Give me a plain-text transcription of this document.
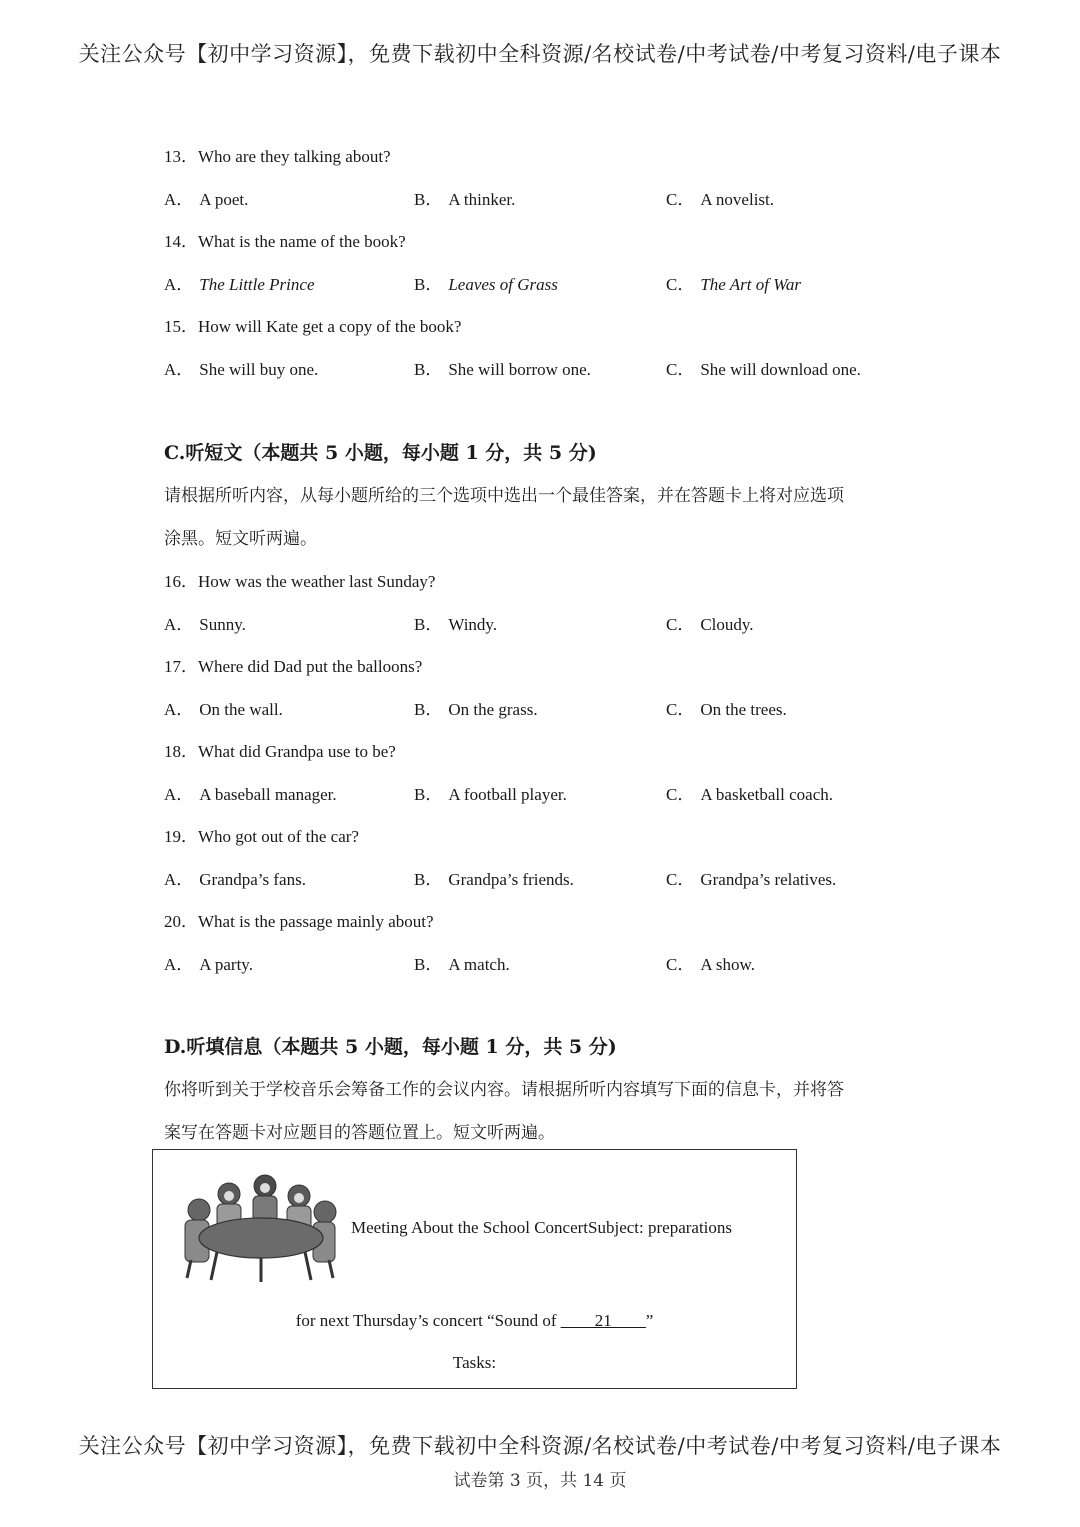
关注公众号【初中学习资源】，免费下载初中全科资源/名校试卷/中考试卷/中考复习资料/电子课本
13．Who are they talking about?
A． A poet.	B． A thinker.	C． A novelist.
14．What is the name of the book?
A． The Little Prince	B． Leaves of Grass	C． The Art of War
15．How will Kate get a copy of the book?
A． She will buy one.	B． She will borrow one.	C． She will download one.
C.听短文（本题共 5 小题，每小题 1 分，共 5 分)
请根据所听内容，从每小题所给的三个选项中选出一个最佳答案，并在答题卡上将对应选项
涂黑。短文听两遍。
16．How was the weather last Sunday?
A． Sunny.	B． Windy.	C． Cloudy.
17．Where did Dad put the balloons?
A． On the wall.	B． On the grass.	C． On the trees.
18．What did Grandpa use to be?
A． A baseball manager.	B． A football player.	C． A basketball coach.
19．Who got out of the car?
A． Grandpa’s fans.	B． Grandpa’s friends.	C． Grandpa’s relatives.
20．What is the passage mainly about?
A． A party.	B． A match.	C． A show.
D.听填信息（本题共 5 小题，每小题 1 分，共 5 分)
你将听到关于学校音乐会筹备工作的会议内容。请根据所听内容填写下面的信息卡，并将答
案写在答题卡对应题目的答题位置上。短文听两遍。
Meeting About the School ConcertSubject: preparations
for next Thursday’s concert “Sound of ____21____”
Tasks:
关注公众号【初中学习资源】，免费下载初中全科资源/名校试卷/中考试卷/中考复习资料/电子课本
试卷第 3 页，共 14 页
